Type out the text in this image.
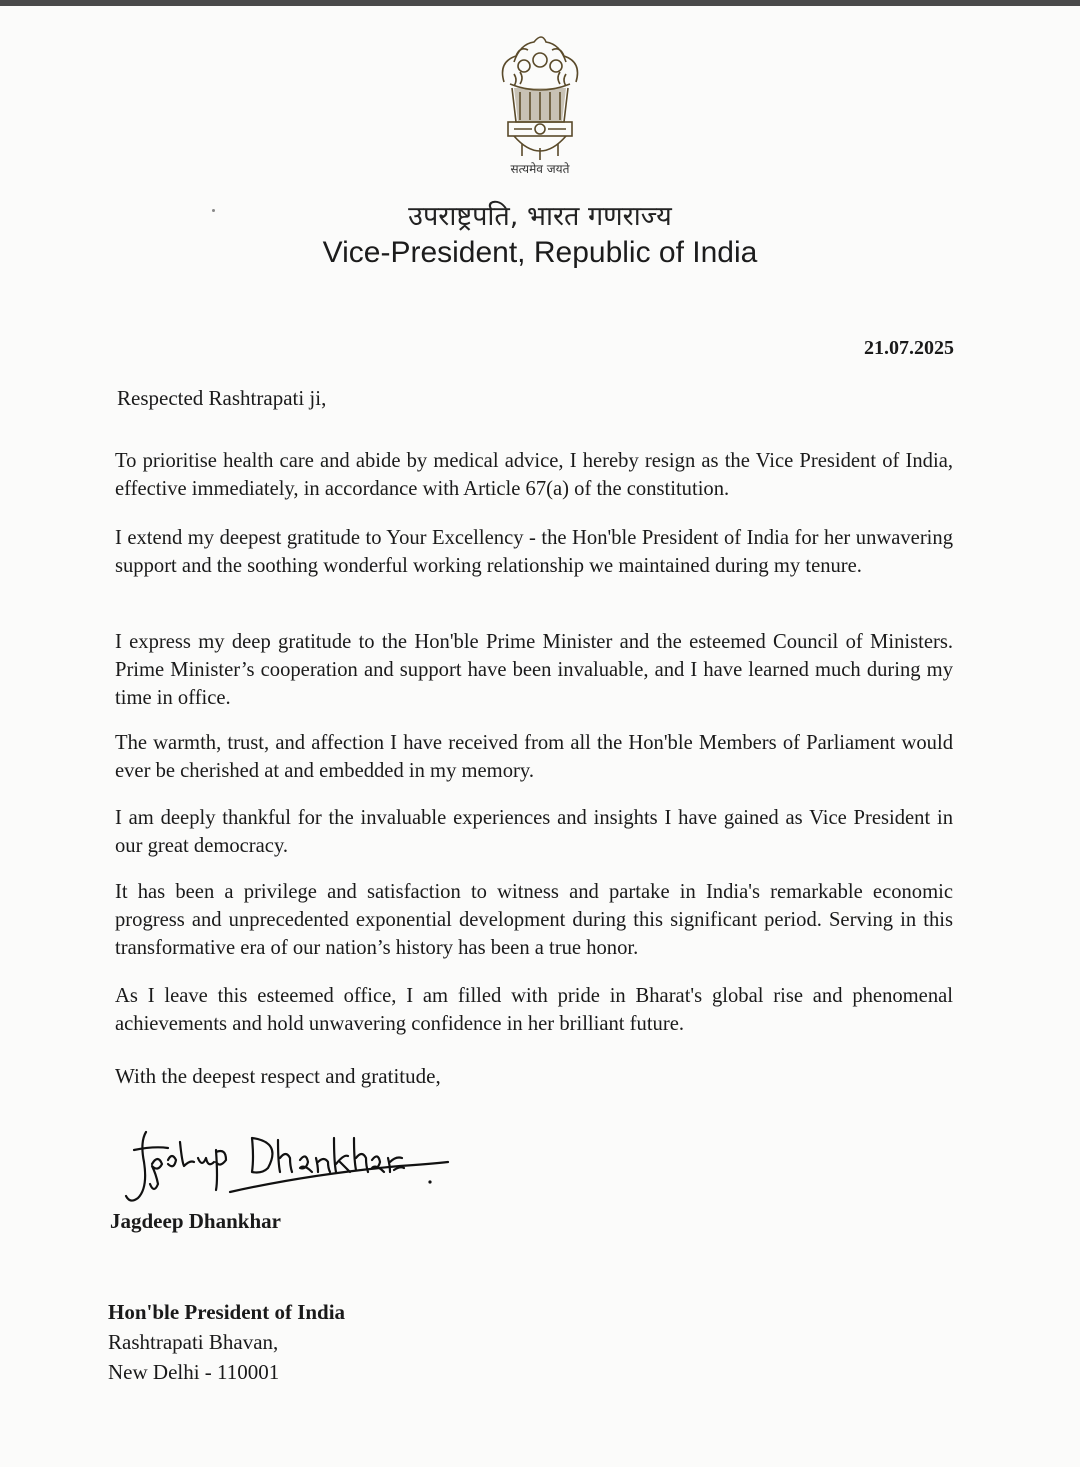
सत्यमेव जयते
उपराष्ट्रपति, भारत गणराज्य
Vice-President, Republic of India
21.07.2025
Respected Rashtrapati ji,

To prioritise health care and abide by medical advice, I hereby resign as the Vice President of India, effective immediately, in accordance with Article 67(a) of the constitution.

I extend my deepest gratitude to Your Excellency - the Hon'ble President of India for her unwavering support and the soothing wonderful working relationship we maintained during my tenure.

I express my deep gratitude to the Hon'ble Prime Minister and the esteemed Council of Ministers. Prime Minister’s cooperation and support have been invaluable, and I have learned much during my time in office.

The warmth, trust, and affection I have received from all the Hon'ble Members of Parliament would ever be cherished at and embedded in my memory.

I am deeply thankful for the invaluable experiences and insights I have gained as Vice President in our great democracy.

It has been a privilege and satisfaction to witness and partake in India's remarkable economic progress and unprecedented exponential development during this significant period. Serving in this transformative era of our nation’s history has been a true honor.

As I leave this esteemed office, I am filled with pride in Bharat's global rise and phenomenal achievements and hold unwavering confidence in her brilliant future.

With the deepest respect and gratitude,
Jagdeep Dhankhar
Hon'ble President of India
Rashtrapati Bhavan,
New Delhi - 110001
